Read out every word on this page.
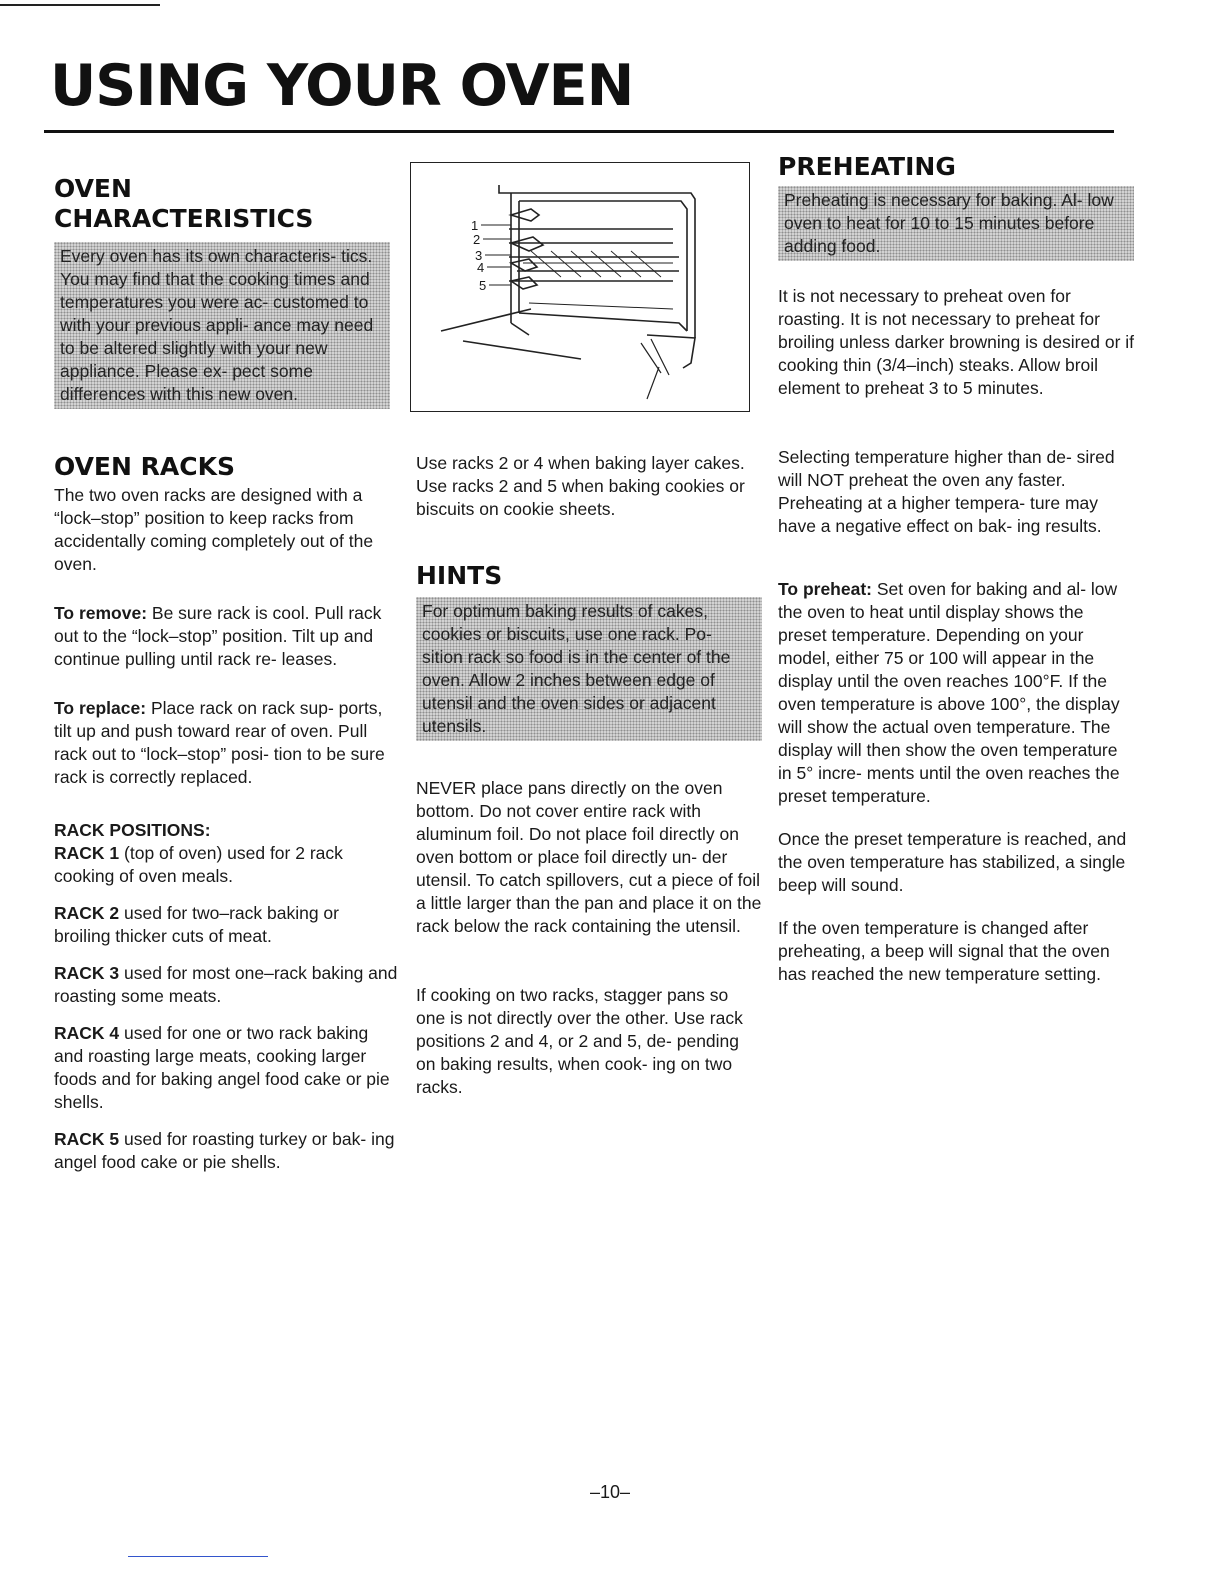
USING YOUR OVEN
OVEN
CHARACTERISTICS

Every oven has its own characteris- tics. You may find that the cooking times and temperatures you were ac- customed to with your previous appli- ance may need to be altered slightly with your new appliance. Please ex- pect some differences with this new oven.

OVEN RACKS

The two oven racks are designed with a “lock–stop” position to keep racks from accidentally coming completely out of the oven.

To remove: Be sure rack is cool. Pull rack out to the “lock–stop” position. Tilt up and continue pulling until rack re- leases.

To replace: Place rack on rack sup- ports, tilt up and push toward rear of oven. Pull rack out to “lock–stop” posi- tion to be sure rack is correctly replaced.

RACK POSITIONS:

RACK 1 (top of oven) used for 2 rack cooking of oven meals.

RACK 2 used for two–rack baking or broiling thicker cuts of meat.

RACK 3 used for most one–rack baking and roasting some meats.

RACK 4 used for one or two rack baking and roasting large meats, cooking larger foods and for baking angel food cake or pie shells.

RACK 5 used for roasting turkey or bak- ing angel food cake or pie shells.

1
2
3
4
5

Use racks 2 or 4 when baking layer cakes. Use racks 2 and 5 when baking cookies or biscuits on cookie sheets.

HINTS

For optimum baking results of cakes, cookies or biscuits, use one rack. Po- sition rack so food is in the center of the oven. Allow 2 inches between edge of utensil and the oven sides or adjacent utensils.

NEVER place pans directly on the oven bottom. Do not cover entire rack with aluminum foil. Do not place foil directly on oven bottom or place foil directly un- der utensil. To catch spillovers, cut a piece of foil a little larger than the pan and place it on the rack below the rack containing the utensil.

If cooking on two racks, stagger pans so one is not directly over the other. Use rack positions 2 and 4, or 2 and 5, de- pending on baking results, when cook- ing on two racks.

PREHEATING

Preheating is necessary for baking. Al- low oven to heat for 10 to 15 minutes before adding food.

It is not necessary to preheat oven for roasting. It is not necessary to preheat for broiling unless darker browning is desired or if cooking thin (3/4–inch) steaks. Allow broil element to preheat 3 to 5 minutes.

Selecting temperature higher than de- sired will NOT preheat the oven any faster. Preheating at a higher tempera- ture may have a negative effect on bak- ing results.

To preheat: Set oven for baking and al- low the oven to heat until display shows the preset temperature. Depending on your model, either 75 or 100 will appear in the display until the oven reaches 100°F. If the oven temperature is above 100°, the display will show the actual oven temperature. The display will then show the oven temperature in 5° incre- ments until the oven reaches the preset temperature.

Once the preset temperature is reached, and the oven temperature has stabilized, a single beep will sound.

If the oven temperature is changed after preheating, a beep will signal that the oven has reached the new temperature setting.

–10–
